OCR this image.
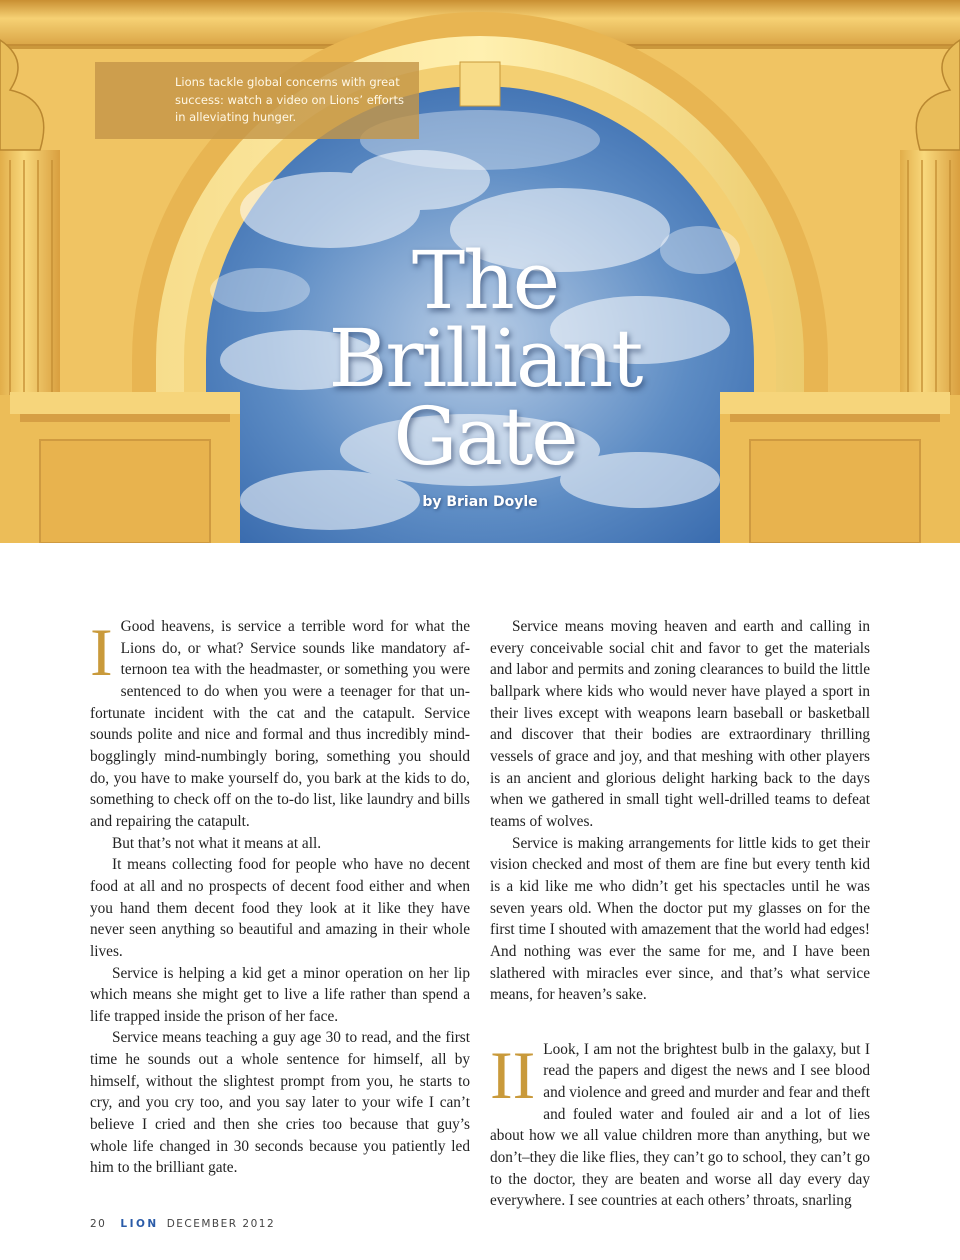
Lions tackle global concerns with great success: watch a video on Lions’ efforts in alleviating hunger.

The
Brilliant
Gate
by Brian Doyle

I Good heavens, is service a terrible word for what the Lions do, or what? Service sounds like mandatory afternoon tea with the headmaster, or something you were sentenced to do when you were a teenager for that unfortunate incident with the cat and the catapult. Service sounds polite and nice and formal and thus incredibly mind-bogglingly mind-numbingly boring, something you should do, you have to make yourself do, you bark at the kids to do, something to check off on the to-do list, like laundry and bills and repairing the catapult.

But that’s not what it means at all.

It means collecting food for people who have no decent food at all and no prospects of decent food either and when you hand them decent food they look at it like they have never seen anything so beautiful and amazing in their whole lives.

Service is helping a kid get a minor operation on her lip which means she might get to live a life rather than spend a life trapped inside the prison of her face.

Service means teaching a guy age 30 to read, and the first time he sounds out a whole sentence for himself, all by himself, without the slightest prompt from you, he starts to cry, and you cry too, and you say later to your wife I can’t believe I cried and then she cries too because that guy’s whole life changed in 30 seconds because you patiently led him to the brilliant gate.

Service means moving heaven and earth and calling in every conceivable social chit and favor to get the materials and labor and permits and zoning clearances to build the little ballpark where kids who would never have played a sport in their lives except with weapons learn baseball or basketball and discover that their bodies are extraordinary thrilling vessels of grace and joy, and that meshing with other players is an ancient and glorious delight harking back to the days when we gathered in small tight well-drilled teams to defeat teams of wolves.

Service is making arrangements for little kids to get their vision checked and most of them are fine but every tenth kid is a kid like me who didn’t get his spectacles until he was seven years old. When the doctor put my glasses on for the first time I shouted with amazement that the world had edges! And nothing was ever the same for me, and I have been slathered with miracles ever since, and that’s what service means, for heaven’s sake.

II Look, I am not the brightest bulb in the galaxy, but I read the papers and digest the news and I see blood and violence and greed and murder and fear and theft and fouled water and fouled air and a lot of lies about how we all value children more than anything, but we don’t–they die like flies, they can’t go to school, they can’t go to the doctor, they are beaten and worse all day every day everywhere. I see countries at each others’ throats, snarling

20 LION DECEMBER 2012
